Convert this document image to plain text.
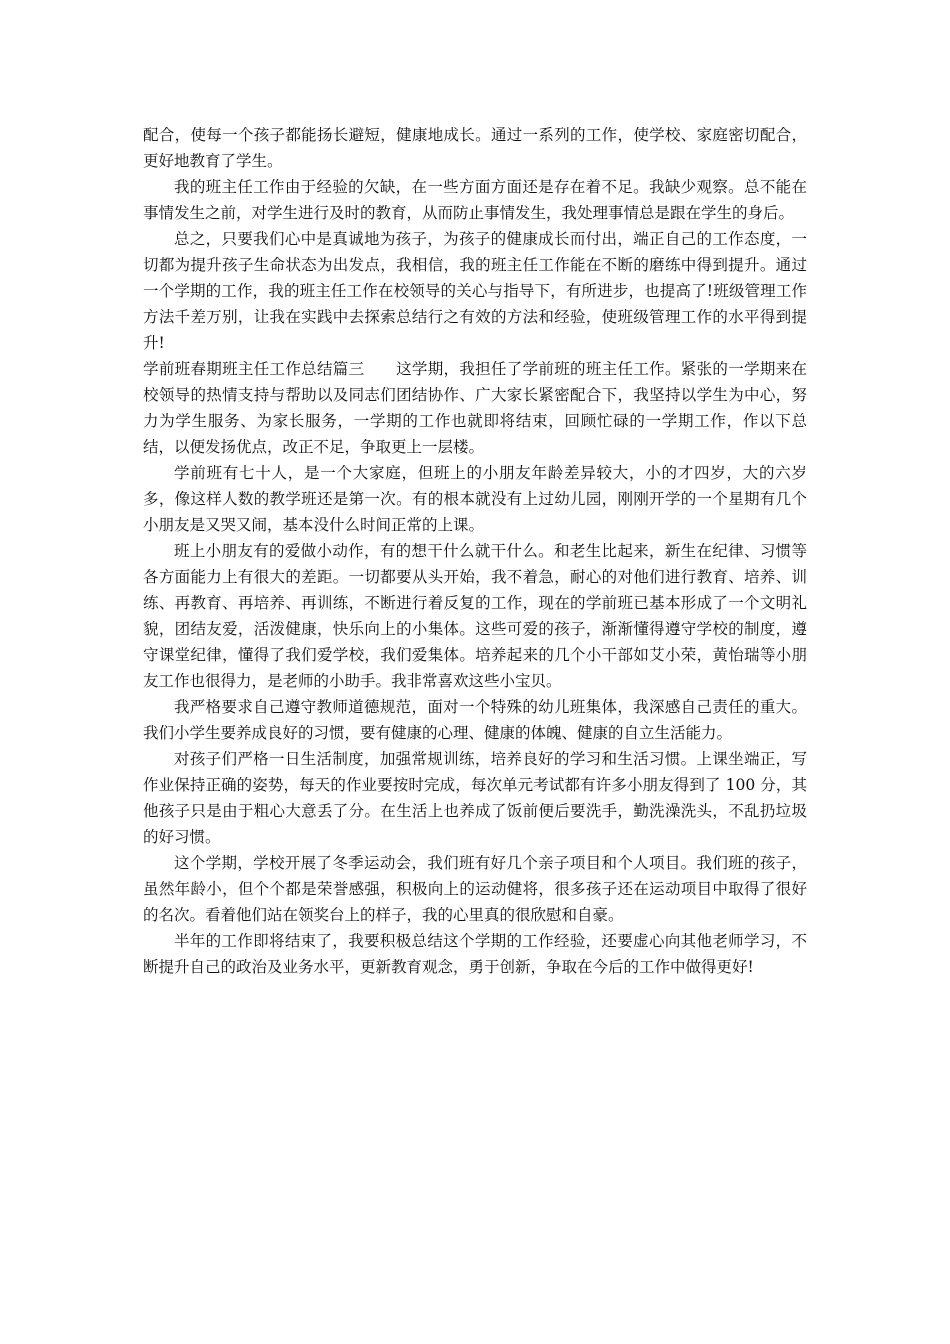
配合，使每一个孩子都能扬长避短，健康地成长。通过一系列的工作，使学校、家庭密切配合，更好地教育了学生。

我的班主任工作由于经验的欠缺，在一些方面方面还是存在着不足。我缺少观察。总不能在事情发生之前，对学生进行及时的教育，从而防止事情发生，我处理事情总是跟在学生的身后。

总之，只要我们心中是真诚地为孩子，为孩子的健康成长而付出，端正自己的工作态度，一切都为提升孩子生命状态为出发点，我相信，我的班主任工作能在不断的磨练中得到提升。通过一个学期的工作，我的班主任工作在校领导的关心与指导下，有所进步，也提高了!班级管理工作方法千差万别，让我在实践中去探索总结行之有效的方法和经验，使班级管理工作的水平得到提升!

学前班春期班主任工作总结篇三　　这学期，我担任了学前班的班主任工作。紧张的一学期来在校领导的热情支持与帮助以及同志们团结协作、广大家长紧密配合下，我坚持以学生为中心，努力为学生服务、为家长服务，一学期的工作也就即将结束，回顾忙碌的一学期工作，作以下总结，以便发扬优点，改正不足，争取更上一层楼。

学前班有七十人，是一个大家庭，但班上的小朋友年龄差异较大，小的才四岁，大的六岁多，像这样人数的教学班还是第一次。有的根本就没有上过幼儿园，刚刚开学的一个星期有几个小朋友是又哭又闹，基本没什么时间正常的上课。

班上小朋友有的爱做小动作，有的想干什么就干什么。和老生比起来，新生在纪律、习惯等各方面能力上有很大的差距。一切都要从头开始，我不着急，耐心的对他们进行教育、培养、训练、再教育、再培养、再训练，不断进行着反复的工作，现在的学前班已基本形成了一个文明礼貌，团结友爱，活泼健康，快乐向上的小集体。这些可爱的孩子，渐渐懂得遵守学校的制度，遵守课堂纪律，懂得了我们爱学校，我们爱集体。培养起来的几个小干部如艾小荣，黄怡瑞等小朋友工作也很得力，是老师的小助手。我非常喜欢这些小宝贝。

我严格要求自己遵守教师道德规范，面对一个特殊的幼儿班集体，我深感自己责任的重大。我们小学生要养成良好的习惯，要有健康的心理、健康的体魄、健康的自立生活能力。

对孩子们严格一日生活制度，加强常规训练，培养良好的学习和生活习惯。上课坐端正，写作业保持正确的姿势，每天的作业要按时完成，每次单元考试都有许多小朋友得到了 100 分，其他孩子只是由于粗心大意丢了分。在生活上也养成了饭前便后要洗手，勤洗澡洗头，不乱扔垃圾的好习惯。

这个学期，学校开展了冬季运动会，我们班有好几个亲子项目和个人项目。我们班的孩子，虽然年龄小，但个个都是荣誉感强，积极向上的运动健将，很多孩子还在运动项目中取得了很好的名次。看着他们站在领奖台上的样子，我的心里真的很欣慰和自豪。

半年的工作即将结束了，我要积极总结这个学期的工作经验，还要虚心向其他老师学习，不断提升自己的政治及业务水平，更新教育观念，勇于创新，争取在今后的工作中做得更好!
